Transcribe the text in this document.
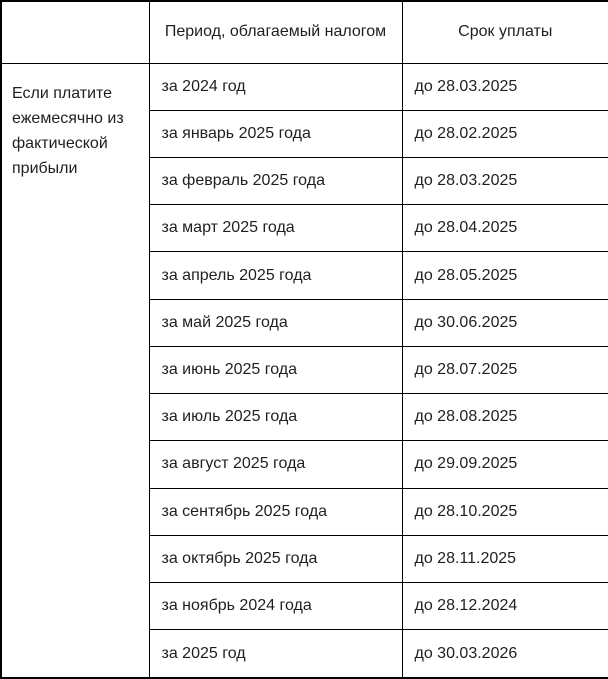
	Период, облагаемый налогом	Срок уплаты
Если платите ежемесячно из фактической прибыли	за 2024 год	до 28.03.2025
	за январь 2025 года	до 28.02.2025
	за февраль 2025 года	до 28.03.2025
	за март 2025 года	до 28.04.2025
	за апрель 2025 года	до 28.05.2025
	за май 2025 года	до 30.06.2025
	за июнь 2025 года	до 28.07.2025
	за июль 2025 года	до 28.08.2025
	за август 2025 года	до 29.09.2025
	за сентябрь 2025 года	до 28.10.2025
	за октябрь 2025 года	до 28.11.2025
	за ноябрь 2024 года	до 28.12.2024
	за 2025 год	до 30.03.2026
